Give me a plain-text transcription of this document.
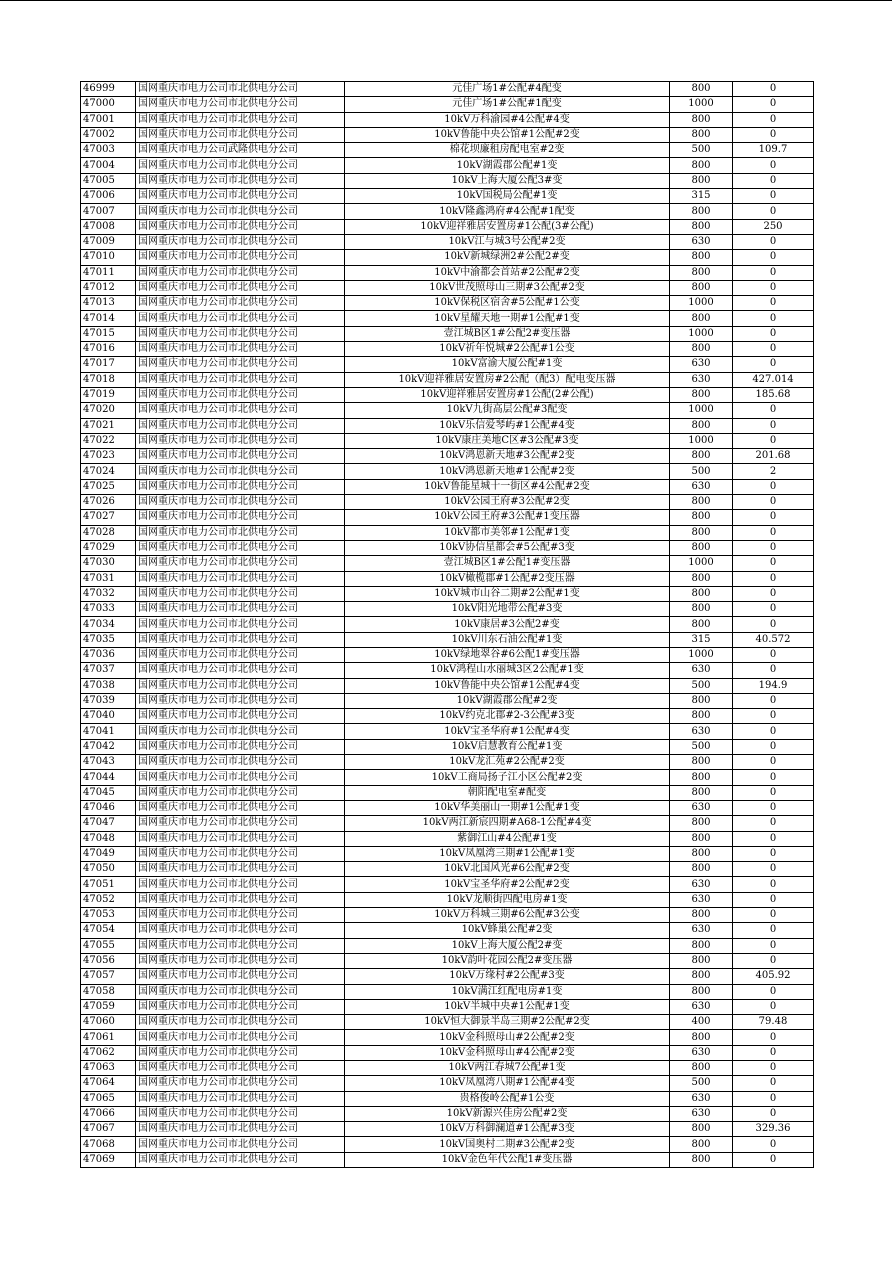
46999	国网重庆市电力公司市北供电分公司	元佳广场1#公配#4配变	800	0
47000	国网重庆市电力公司市北供电分公司	元佳广场1#公配#1配变	1000	0
47001	国网重庆市电力公司市北供电分公司	10kV万科渝园#4公配#4变	800	0
47002	国网重庆市电力公司市北供电分公司	10kV鲁能中央公馆#1公配#2变	800	0
47003	国网重庆市电力公司武隆供电分公司	棉花坝廉租房配电室#2变	500	109.7
47004	国网重庆市电力公司市北供电分公司	10kV湖霞郡公配#1变	800	0
47005	国网重庆市电力公司市北供电分公司	10kV上海大厦公配3#变	800	0
47006	国网重庆市电力公司市北供电分公司	10kV国税局公配#1变	315	0
47007	国网重庆市电力公司市北供电分公司	10kV隆鑫鸿府#4公配#1配变	800	0
47008	国网重庆市电力公司市北供电分公司	10kV迎祥雅居安置房#1公配(3#公配)	800	250
47009	国网重庆市电力公司市北供电分公司	10kV江与城3号公配#2变	630	0
47010	国网重庆市电力公司市北供电分公司	10kV新城绿洲2#公配2#变	800	0
47011	国网重庆市电力公司市北供电分公司	10kV中渝都会首站#2公配#2变	800	0
47012	国网重庆市电力公司市北供电分公司	10kV世茂照母山三期#3公配#2变	800	0
47013	国网重庆市电力公司市北供电分公司	10kV保税区宿舍#5公配#1公变	1000	0
47014	国网重庆市电力公司市北供电分公司	10kV星耀天地一期#1公配#1变	800	0
47015	国网重庆市电力公司市北供电分公司	壹江城B区1#公配2#变压器	1000	0
47016	国网重庆市电力公司市北供电分公司	10kV祈年悦城#2公配#1公变	800	0
47017	国网重庆市电力公司市北供电分公司	10kV富渝大厦公配#1变	630	0
47018	国网重庆市电力公司市北供电分公司	10kV迎祥雅居安置房#2公配（配3）配电变压器	630	427.014
47019	国网重庆市电力公司市北供电分公司	10kV迎祥雅居安置房#1公配(2#公配)	800	185.68
47020	国网重庆市电力公司市北供电分公司	10kV九街高层公配#3配变	1000	0
47021	国网重庆市电力公司市北供电分公司	10kV乐信爱琴屿#1公配#4变	800	0
47022	国网重庆市电力公司市北供电分公司	10kV康庄美地C区#3公配#3变	1000	0
47023	国网重庆市电力公司市北供电分公司	10kV鸿恩新天地#3公配#2变	800	201.68
47024	国网重庆市电力公司市北供电分公司	10kV鸿恩新天地#1公配#2变	500	2
47025	国网重庆市电力公司市北供电分公司	10kV鲁能星城十一街区#4公配#2变	630	0
47026	国网重庆市电力公司市北供电分公司	10kV公园王府#3公配#2变	800	0
47027	国网重庆市电力公司市北供电分公司	10kV公园王府#3公配#1变压器	800	0
47028	国网重庆市电力公司市北供电分公司	10kV都市美邻#1公配#1变	800	0
47029	国网重庆市电力公司市北供电分公司	10kV协信星都会#5公配#3变	800	0
47030	国网重庆市电力公司市北供电分公司	壹江城B区1#公配1#变压器	1000	0
47031	国网重庆市电力公司市北供电分公司	10kV橄榄郡#1公配#2变压器	800	0
47032	国网重庆市电力公司市北供电分公司	10kV城市山谷二期#2公配#1变	800	0
47033	国网重庆市电力公司市北供电分公司	10kV阳光地带公配#3变	800	0
47034	国网重庆市电力公司市北供电分公司	10kV康居#3公配2#变	800	0
47035	国网重庆市电力公司市北供电分公司	10kV川东石油公配#1变	315	40.572
47036	国网重庆市电力公司市北供电分公司	10kV绿地翠谷#6公配1#变压器	1000	0
47037	国网重庆市电力公司市北供电分公司	10kV鸿程山水丽城3区2公配#1变	630	0
47038	国网重庆市电力公司市北供电分公司	10kV鲁能中央公馆#1公配#4变	500	194.9
47039	国网重庆市电力公司市北供电分公司	10kV湖霞郡公配#2变	800	0
47040	国网重庆市电力公司市北供电分公司	10kV约克北郡#2-3公配#3变	800	0
47041	国网重庆市电力公司市北供电分公司	10kV宝圣华府#1公配#4变	630	0
47042	国网重庆市电力公司市北供电分公司	10kV启慧教育公配#1变	500	0
47043	国网重庆市电力公司市北供电分公司	10kV龙汇苑#2公配#2变	800	0
47044	国网重庆市电力公司市北供电分公司	10kV工商局扬子江小区公配#2变	800	0
47045	国网重庆市电力公司市北供电分公司	朝阳配电室#配变	800	0
47046	国网重庆市电力公司市北供电分公司	10kV华美丽山一期#1公配#1变	630	0
47047	国网重庆市电力公司市北供电分公司	10kV两江新宸四期#A68-1公配#4变	800	0
47048	国网重庆市电力公司市北供电分公司	紫御江山#4公配#1变	800	0
47049	国网重庆市电力公司市北供电分公司	10kV凤凰湾三期#1公配#1变	800	0
47050	国网重庆市电力公司市北供电分公司	10kV北国风光#6公配#2变	800	0
47051	国网重庆市电力公司市北供电分公司	10kV宝圣华府#2公配#2变	630	0
47052	国网重庆市电力公司市北供电分公司	10kV龙顺街四配电房#1变	630	0
47053	国网重庆市电力公司市北供电分公司	10kV万科城三期#6公配#3公变	800	0
47054	国网重庆市电力公司市北供电分公司	10kV蜂巢公配#2变	630	0
47055	国网重庆市电力公司市北供电分公司	10kV上海大厦公配2#变	800	0
47056	国网重庆市电力公司市北供电分公司	10kV韵叶花园公配2#变压器	800	0
47057	国网重庆市电力公司市北供电分公司	10kV万缘村#2公配#3变	800	405.92
47058	国网重庆市电力公司市北供电分公司	10kV满江红配电房#1变	800	0
47059	国网重庆市电力公司市北供电分公司	10kV半城中央#1公配#1变	630	0
47060	国网重庆市电力公司市北供电分公司	10kV恒大御景半岛三期#2公配#2变	400	79.48
47061	国网重庆市电力公司市北供电分公司	10kV金科照母山#2公配#2变	800	0
47062	国网重庆市电力公司市北供电分公司	10kV金科照母山#4公配#2变	630	0
47063	国网重庆市电力公司市北供电分公司	10kV两江春城7公配#1变	800	0
47064	国网重庆市电力公司市北供电分公司	10kV凤凰湾八期#1公配#4变	500	0
47065	国网重庆市电力公司市北供电分公司	贵格俊岭公配#1公变	630	0
47066	国网重庆市电力公司市北供电分公司	10kV新源兴佳房公配#2变	630	0
47067	国网重庆市电力公司市北供电分公司	10kV万科御澜道#1公配#3变	800	329.36
47068	国网重庆市电力公司市北供电分公司	10kV国奥村二期#3公配#2变	800	0
47069	国网重庆市电力公司市北供电分公司	10kV金色年代公配1#变压器	800	0
